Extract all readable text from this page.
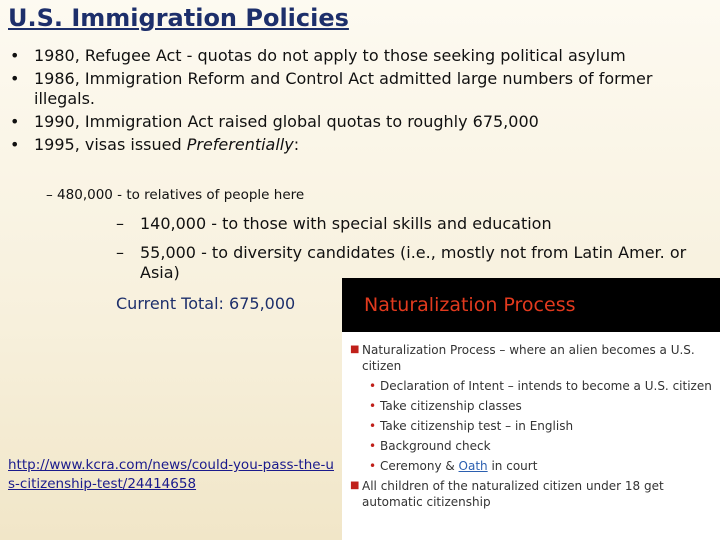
U.S. Immigration Policies
• 1980, Refugee Act - quotas do not apply to those seeking political asylum
• 1986, Immigration Reform and Control Act admitted large numbers of former illegals.
• 1990, Immigration Act raised global quotas to roughly 675,000
• 1995, visas issued Preferentially:
– 480,000 - to relatives of people here
–	140,000 - to those with special skills and education
–	55,000 - to diversity candidates (i.e., mostly not from Latin Amer. or Asia)
Current Total: 675,000
http://www.kcra.com/news/could-you-pass-the-us-citizenship-test/24414658
Naturalization Process
■ Naturalization Process – where an alien becomes a U.S. citizen
• Declaration of Intent – intends to become a U.S. citizen
• Take citizenship classes
• Take citizenship test – in English
• Background check
• Ceremony & Oath in court
■ All children of the naturalized citizen under 18 get automatic citizenship
